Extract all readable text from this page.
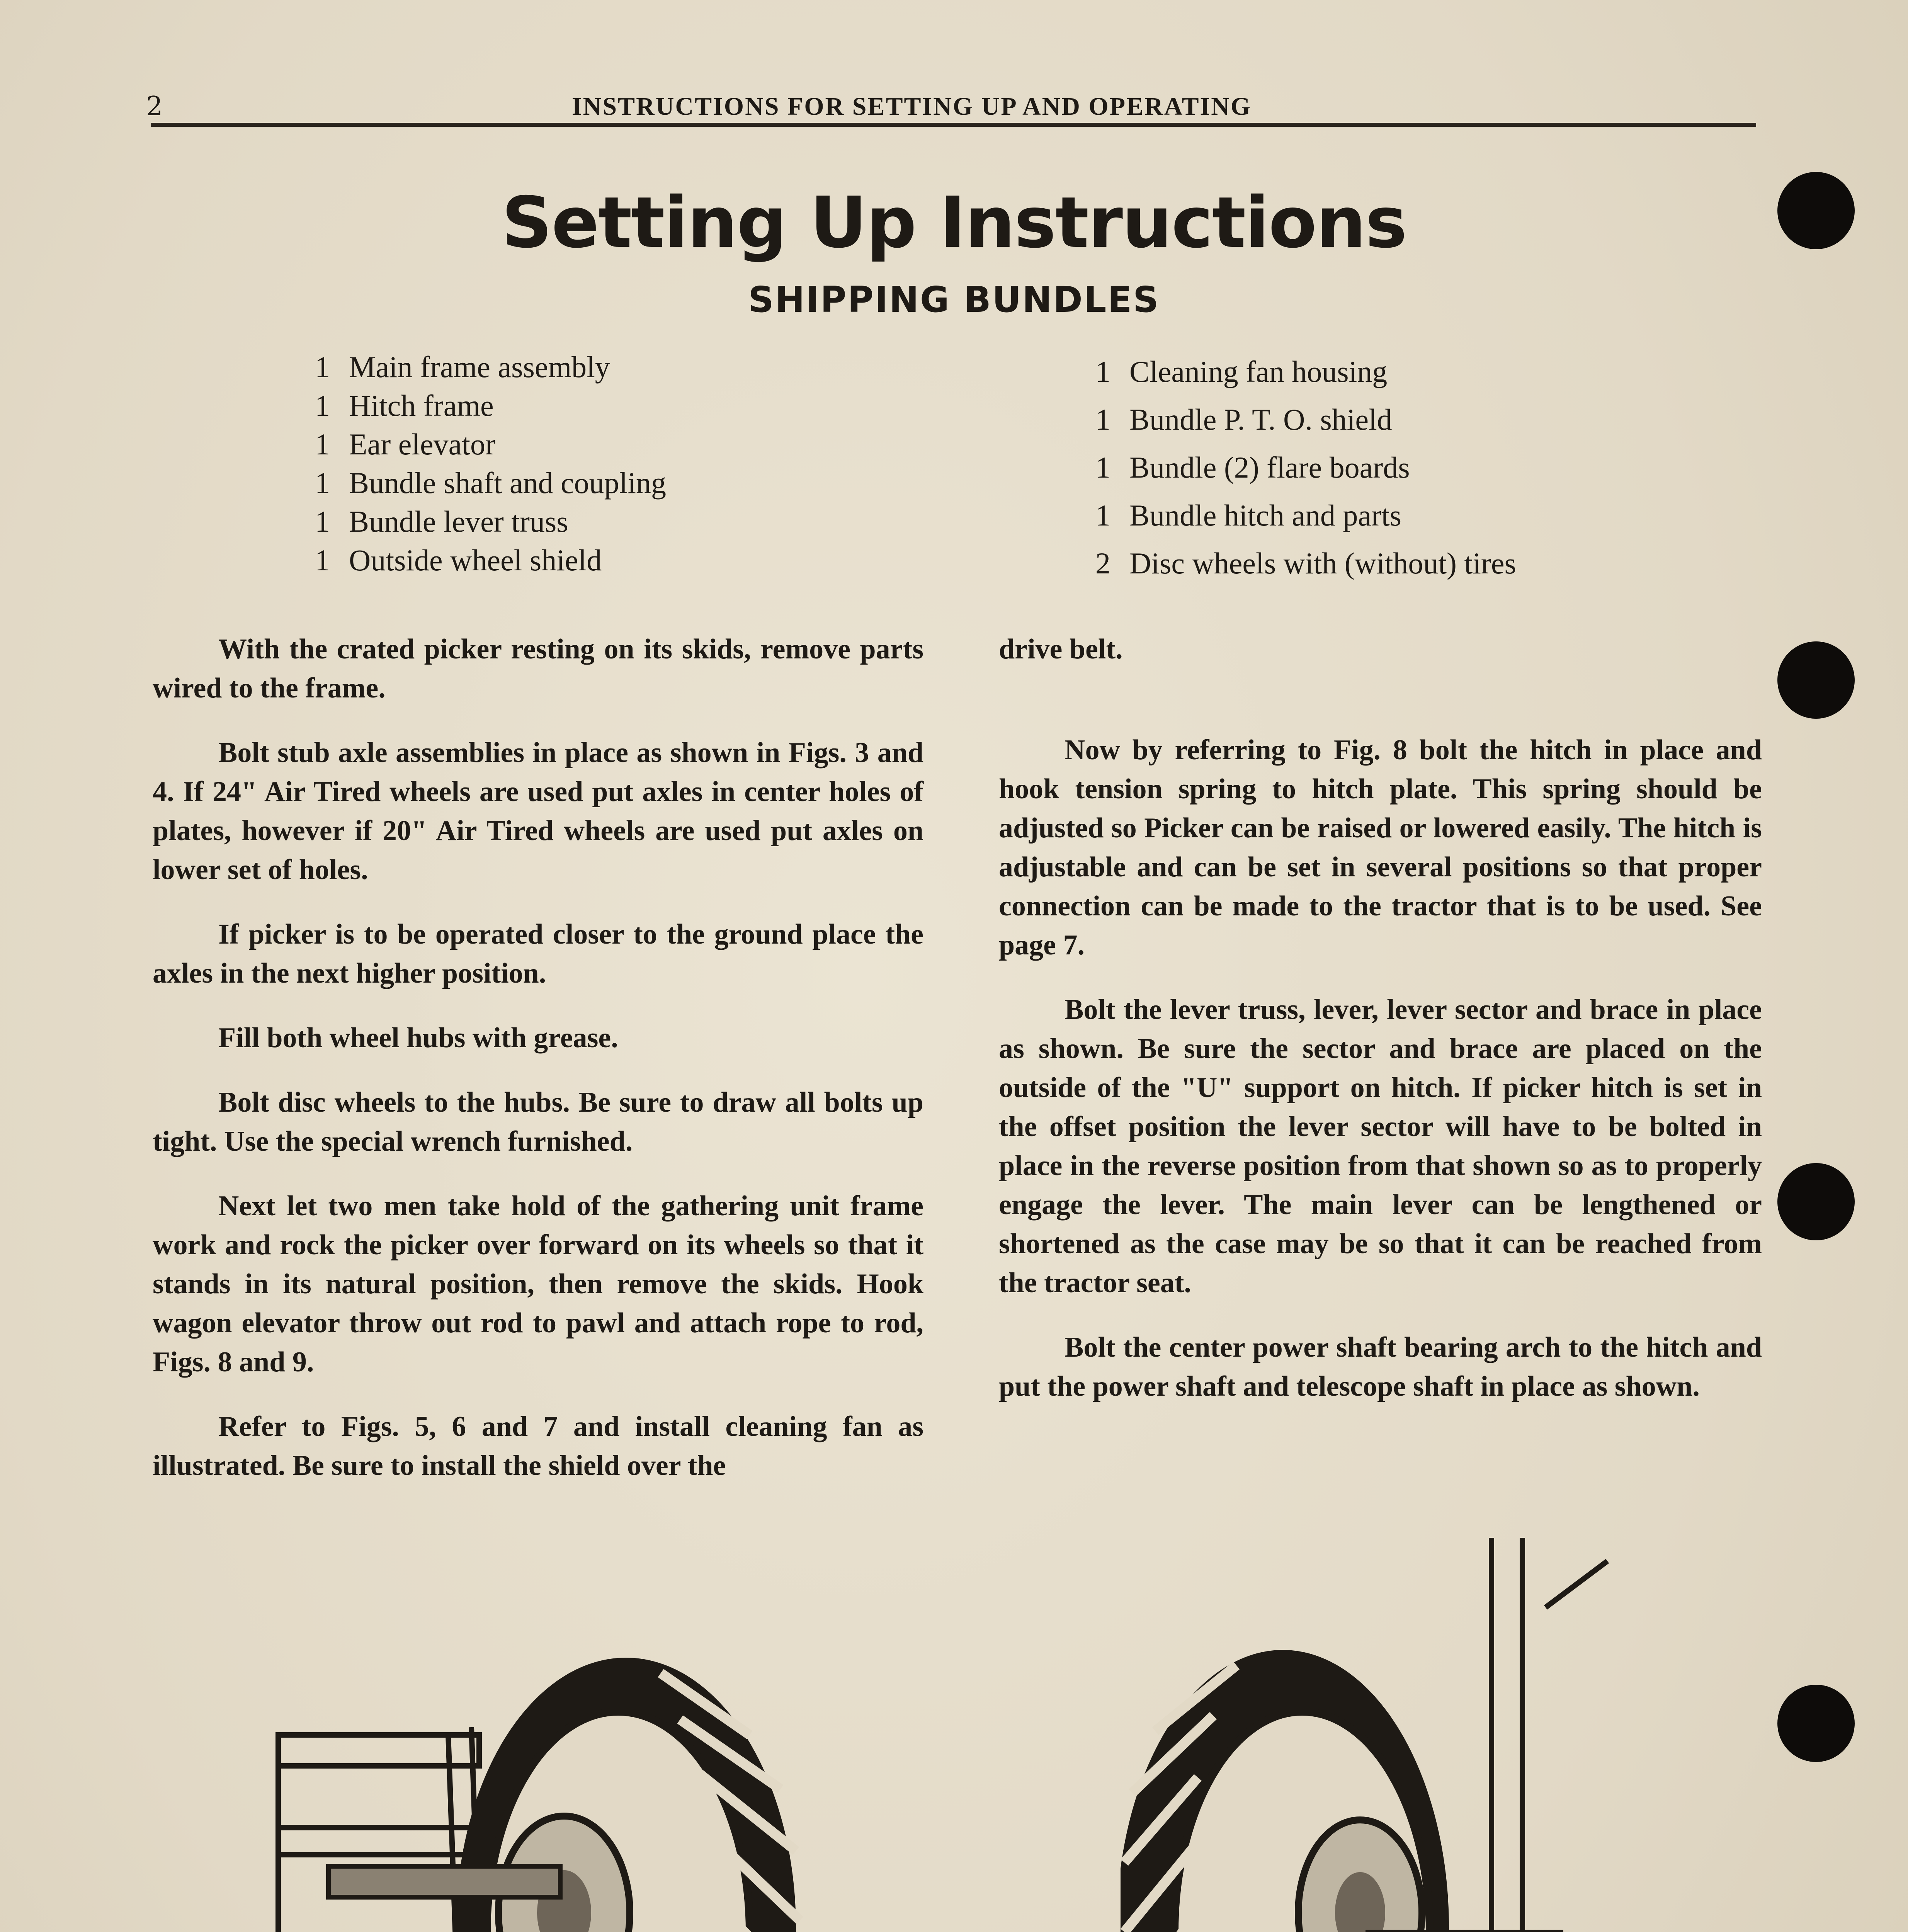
2	INSTRUCTIONS FOR SETTING UP AND OPERATING
Setting Up Instructions
SHIPPING BUNDLES
1 Main frame assembly
1 Hitch frame
1 Ear elevator
1 Bundle shaft and coupling
1 Bundle lever truss
1 Outside wheel shield
1 Cleaning fan housing
1 Bundle P. T. O. shield
1 Bundle (2) flare boards
1 Bundle hitch and parts
2 Disc wheels with (without) tires

With the crated picker resting on its skids, remove parts wired to the frame.

Bolt stub axle assemblies in place as shown in Figs. 3 and 4. If 24" Air Tired wheels are used put axles in center holes of plates, however if 20" Air Tired wheels are used put axles on lower set of holes.

If picker is to be operated closer to the ground place the axles in the next higher position.

Fill both wheel hubs with grease.

Bolt disc wheels to the hubs. Be sure to draw all bolts up tight. Use the special wrench furnished.

Next let two men take hold of the gathering unit frame work and rock the picker over forward on its wheels so that it stands in its natural position, then remove the skids. Hook wagon elevator throw out rod to pawl and attach rope to rod, Figs. 8 and 9.

Refer to Figs. 5, 6 and 7 and install cleaning fan as illustrated. Be sure to install the shield over the

drive belt.

Now by referring to Fig. 8 bolt the hitch in place and hook tension spring to hitch plate. This spring should be adjusted so Picker can be raised or lowered easily. The hitch is adjustable and can be set in several positions so that proper connection can be made to the tractor that is to be used. See page 7.

Bolt the lever truss, lever, lever sector and brace in place as shown. Be sure the sector and brace are placed on the outside of the "U" support on hitch. If picker hitch is set in the offset position the lever sector will have to be bolted in place in the reverse position from that shown so as to properly engage the lever. The main lever can be lengthened or shortened as the case may be so that it can be reached from the tractor seat.

Bolt the center power shaft bearing arch to the hitch and put the power shaft and telescope shaft in place as shown.
